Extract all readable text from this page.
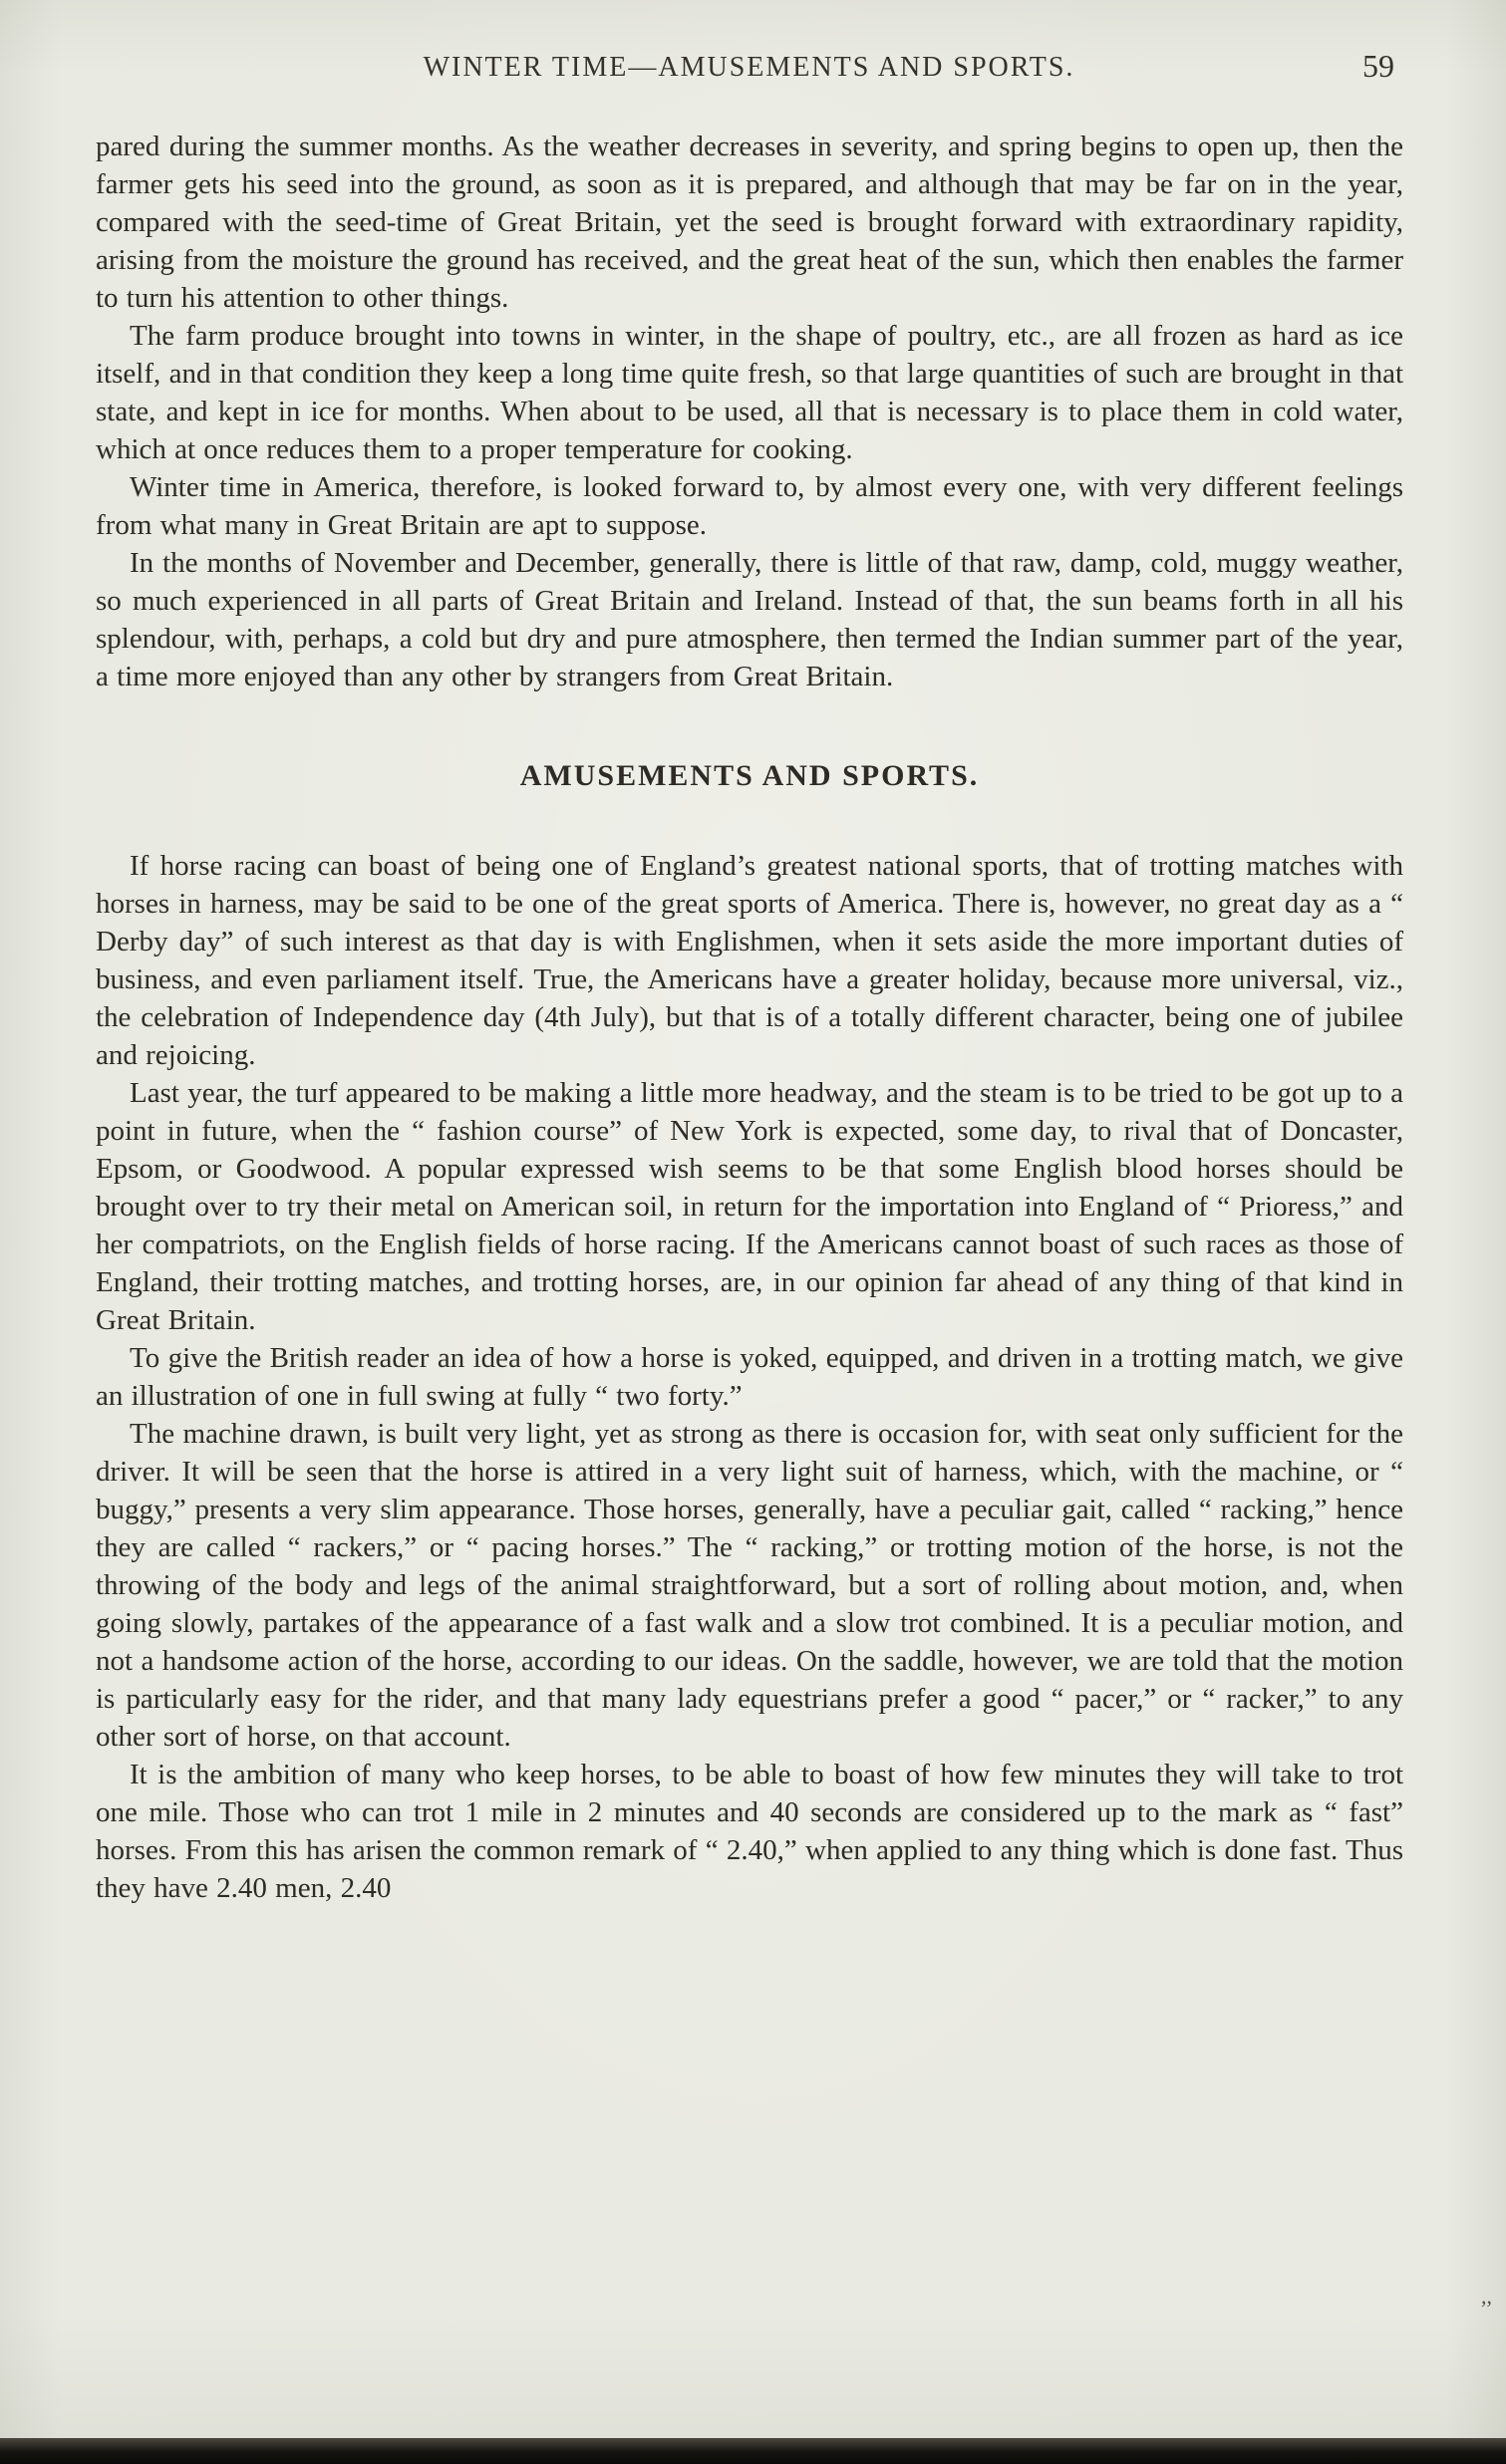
WINTER TIME—AMUSEMENTS AND SPORTS.	59

pared during the summer months. As the weather decreases in severity, and spring begins to open up, then the farmer gets his seed into the ground, as soon as it is prepared, and although that may be far on in the year, compared with the seed-time of Great Britain, yet the seed is brought forward with extraordinary rapidity, arising from the moisture the ground has received, and the great heat of the sun, which then enables the farmer to turn his attention to other things.

The farm produce brought into towns in winter, in the shape of poultry, etc., are all frozen as hard as ice itself, and in that condition they keep a long time quite fresh, so that large quantities of such are brought in that state, and kept in ice for months. When about to be used, all that is necessary is to place them in cold water, which at once reduces them to a proper temperature for cooking.

Winter time in America, therefore, is looked forward to, by almost every one, with very different feelings from what many in Great Britain are apt to suppose.

In the months of November and December, generally, there is little of that raw, damp, cold, muggy weather, so much experienced in all parts of Great Britain and Ireland. Instead of that, the sun beams forth in all his splendour, with, perhaps, a cold but dry and pure atmosphere, then termed the Indian summer part of the year, a time more enjoyed than any other by strangers from Great Britain.

AMUSEMENTS AND SPORTS.

If horse racing can boast of being one of England’s greatest national sports, that of trotting matches with horses in harness, may be said to be one of the great sports of America. There is, however, no great day as a “ Derby day” of such interest as that day is with Englishmen, when it sets aside the more important duties of business, and even parliament itself. True, the Americans have a greater holiday, because more universal, viz., the celebration of Independence day (4th July), but that is of a totally different character, being one of jubilee and rejoicing.

Last year, the turf appeared to be making a little more headway, and the steam is to be tried to be got up to a point in future, when the “ fashion course” of New York is expected, some day, to rival that of Doncaster, Epsom, or Goodwood. A popular expressed wish seems to be that some English blood horses should be brought over to try their metal on American soil, in return for the importation into England of “ Prioress,” and her compatriots, on the English fields of horse racing. If the Americans cannot boast of such races as those of England, their trotting matches, and trotting horses, are, in our opinion far ahead of any thing of that kind in Great Britain.

To give the British reader an idea of how a horse is yoked, equipped, and driven in a trotting match, we give an illustration of one in full swing at fully “ two forty.”

The machine drawn, is built very light, yet as strong as there is occasion for, with seat only sufficient for the driver. It will be seen that the horse is attired in a very light suit of harness, which, with the machine, or “ buggy,” presents a very slim appearance. Those horses, generally, have a peculiar gait, called “ racking,” hence they are called “ rackers,” or “ pacing horses.” The “ racking,” or trotting motion of the horse, is not the throwing of the body and legs of the animal straightforward, but a sort of rolling about motion, and, when going slowly, partakes of the appearance of a fast walk and a slow trot combined. It is a peculiar motion, and not a handsome action of the horse, according to our ideas. On the saddle, however, we are told that the motion is particularly easy for the rider, and that many lady equestrians prefer a good “ pacer,” or “ racker,” to any other sort of horse, on that account.

It is the ambition of many who keep horses, to be able to boast of how few minutes they will take to trot one mile. Those who can trot 1 mile in 2 minutes and 40 seconds are considered up to the mark as “ fast” horses. From this has arisen the common remark of “ 2.40,” when applied to any thing which is done fast. Thus they have 2.40 men, 2.40

,,
